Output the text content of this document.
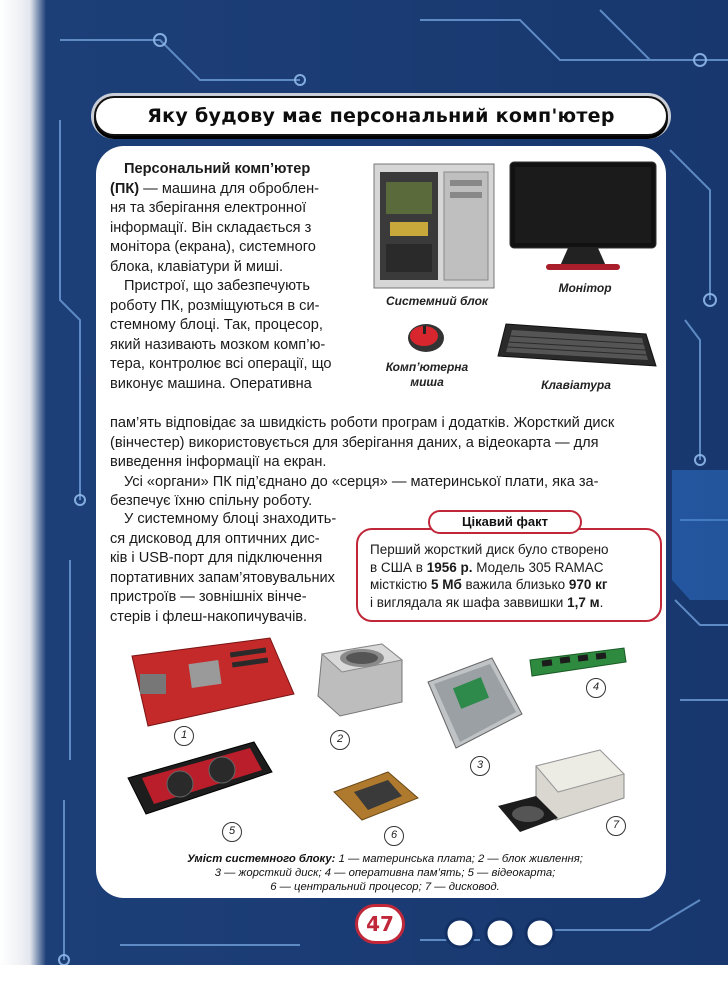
Яку будову має персональний комп'ютер
Персональний комп’ютер
(ПК) — машина для оброблен-
ня та зберігання електронної
інформації. Він складається з
монітора (екрана), системного
блока, клавіатури й миші.
Пристрої, що забезпечують
роботу ПК, розміщуються в си-
стемному блоці. Так, процесор,
який називають мозком комп’ю-
тера, контролює всі операції, що
виконує машина. Оперативна
пам’ять відповідає за швидкість роботи програм і додатків. Жорсткий диск
(вінчестер) використовується для зберігання даних, а відеокарта — для
виведення інформації на екран.
Усі «органи» ПК під’єднано до «серця» — материнської плати, яка за-
безпечує їхню спільну роботу.
У системному блоці знаходить-
ся дисковод для оптичних дис-
ків і USB-порт для підключення
портативних запам’ятовувальних
пристроїв — зовнішніх вінче-
стерів і флеш-накопичувачів.
Системний блок
Монітор
Комп’ютерна
миша	Клавіатура
Цікавий факт
Перший жорсткий диск було створено
в США в 1956 р. Модель 305 RAMAC
місткістю 5 Мб важила близько 970 кг
і виглядала як шафа заввишки 1,7 м.
1	2
3
4
5	6
7
Уміст системного блоку: 1 — материнська плата; 2 — блок живлення;
3 — жорсткий диск; 4 — оперативна пам’ять; 5 — відеокарта;
6 — центральний процесор; 7 — дисковод.
47
